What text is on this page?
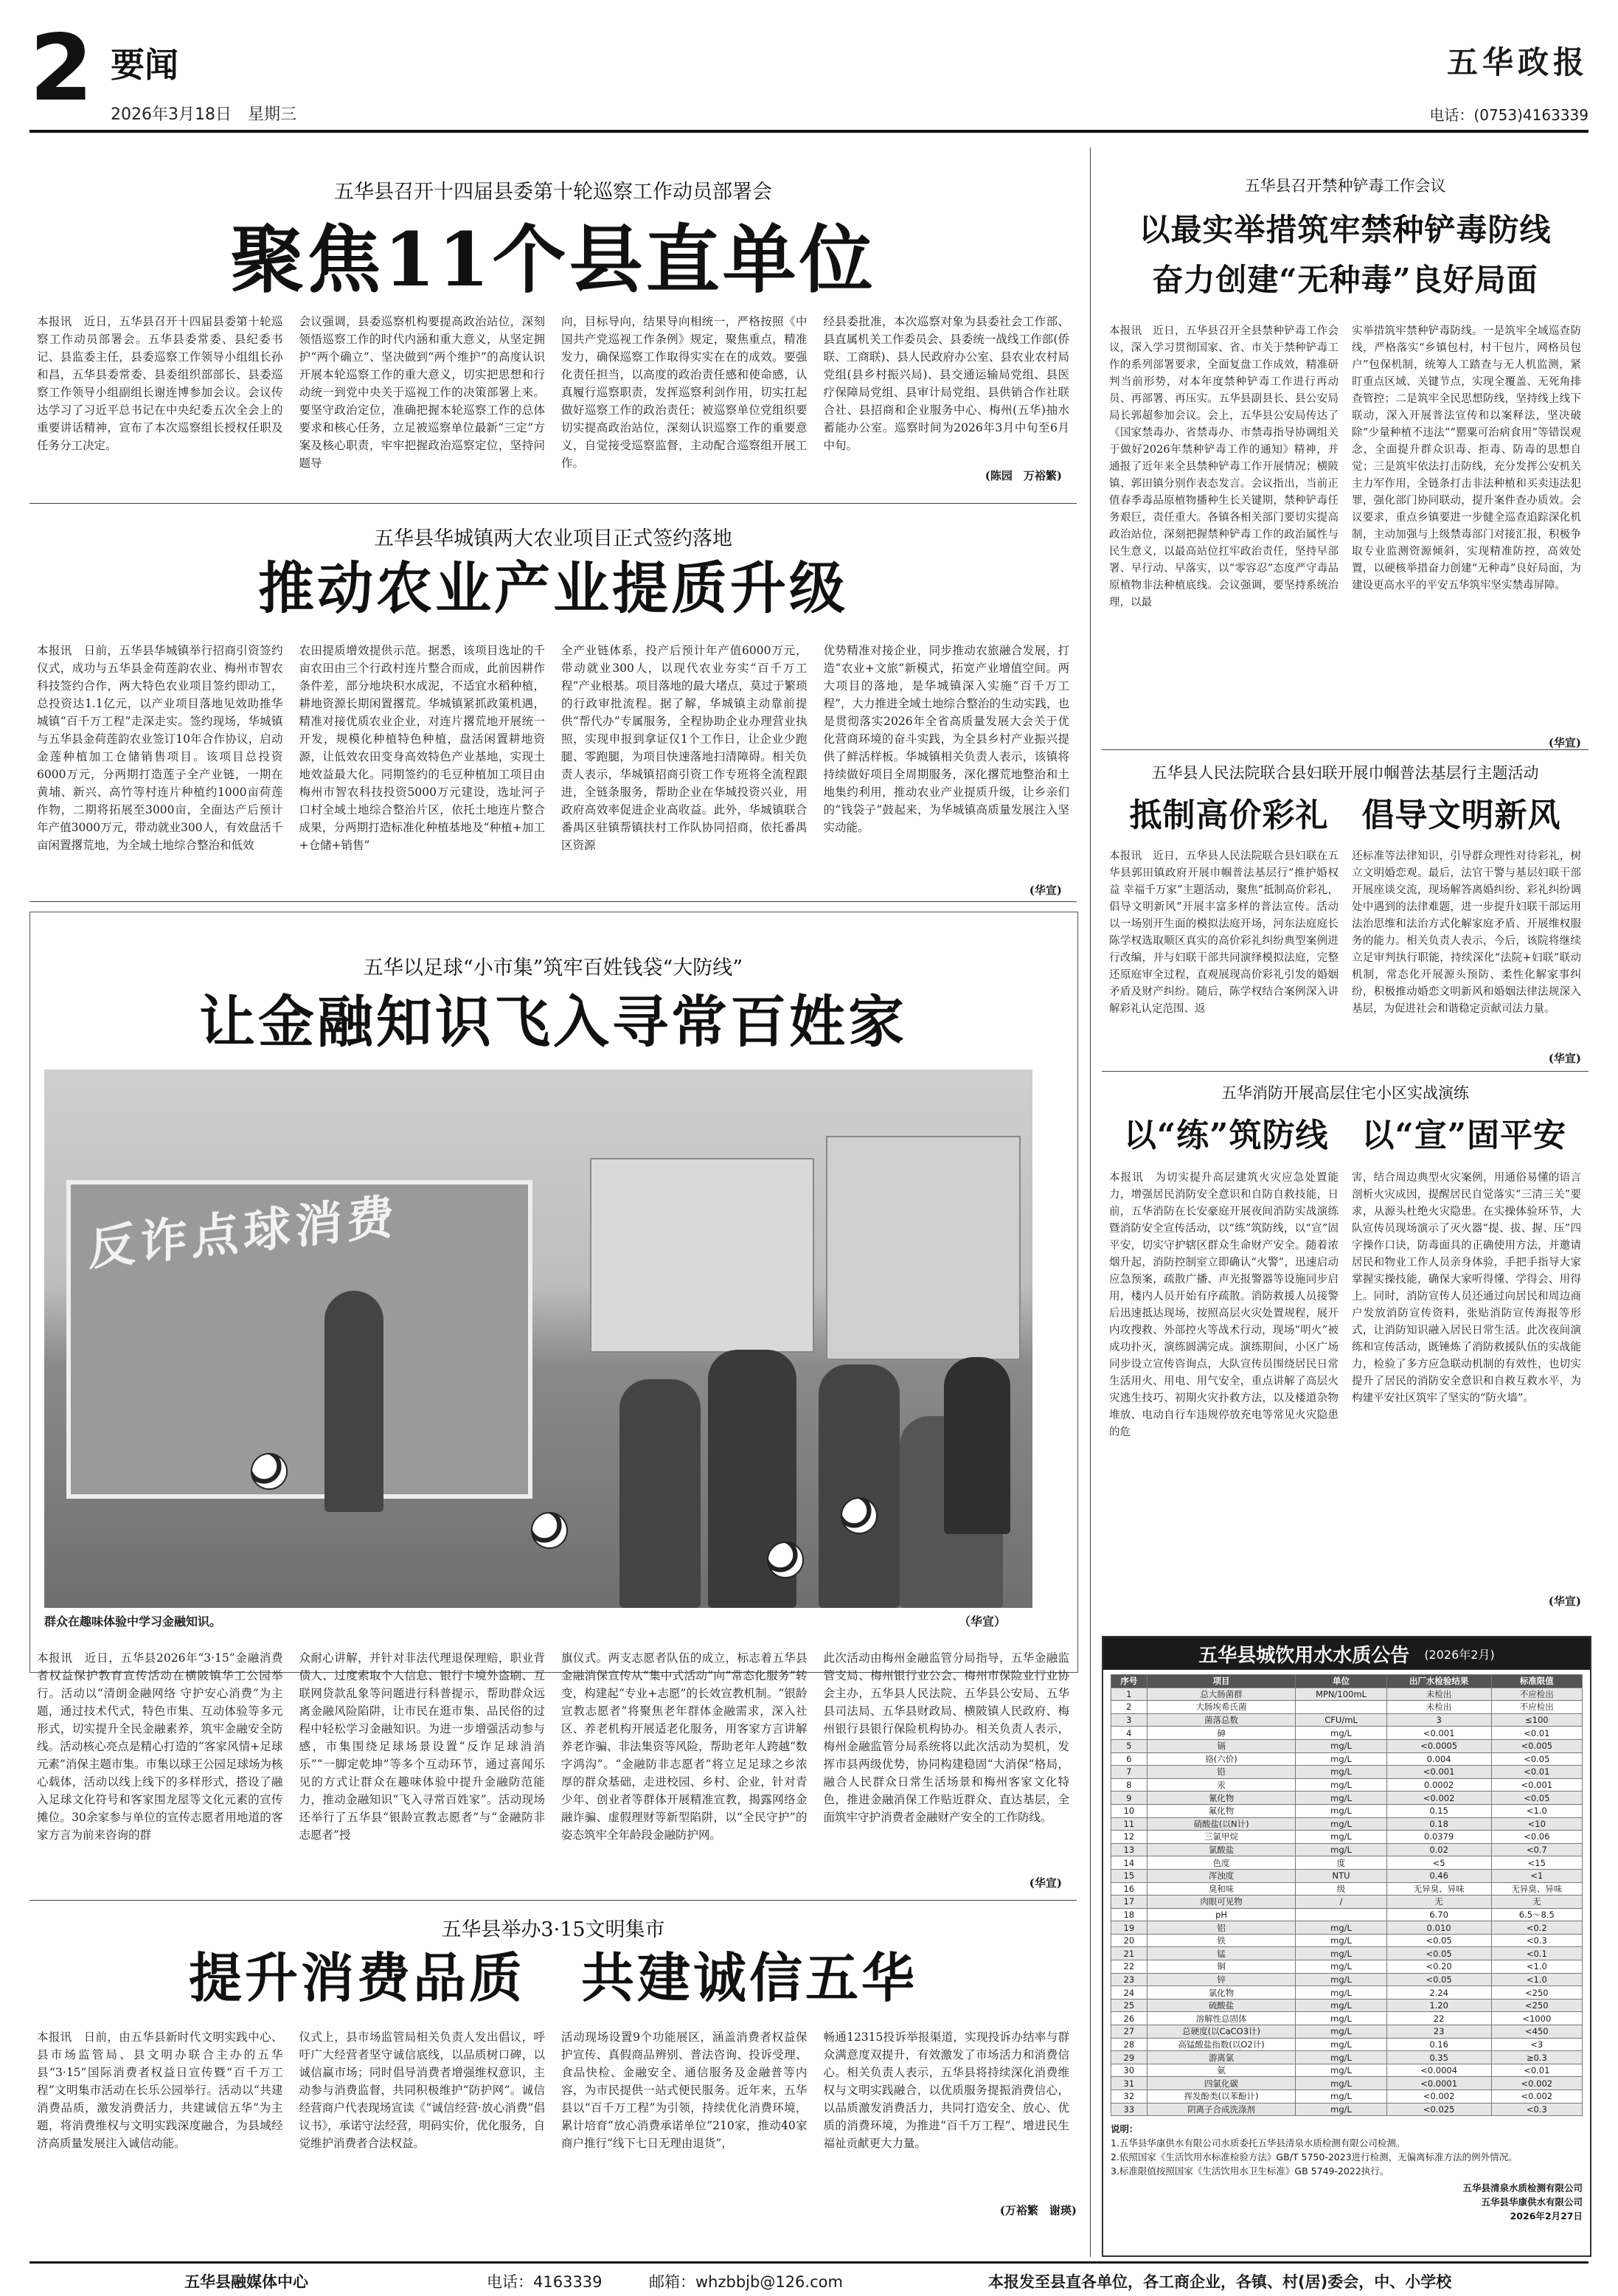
2 要闻
2026年3月18日　星期三
五华政报
电话：(0753)4163339
五华县召开十四届县委第十轮巡察工作动员部署会
聚焦11个县直单位
本报讯　近日，五华县召开十四届县委第十轮巡察工作动员部署会。五华县委常委、县纪委书记、县监委主任，县委巡察工作领导小组组长孙和昌，五华县委常委、县委组织部部长、县委巡察工作领导小组副组长谢连博参加会议。会议传达学习了习近平总书记在中央纪委五次全会上的重要讲话精神，宣布了本次巡察组长授权任职及任务分工决定。
会议强调，县委巡察机构要提高政治站位，深刻领悟巡察工作的时代内涵和重大意义，从坚定拥护“两个确立”、坚决做到“两个维护”的高度认识开展本轮巡察工作的重大意义，切实把思想和行动统一到党中央关于巡视工作的决策部署上来。要坚守政治定位，准确把握本轮巡察工作的总体要求和核心任务，立足被巡察单位最新“三定”方案及核心职责，牢牢把握政治巡察定位，坚持问题导
向，目标导向，结果导向相统一，严格按照《中国共产党巡视工作条例》规定，聚焦重点，精准发力，确保巡察工作取得实实在在的成效。要强化责任担当，以高度的政治责任感和使命感，认真履行巡察职责，发挥巡察利剑作用，切实扛起做好巡察工作的政治责任；被巡察单位党组织要切实提高政治站位，深刻认识巡察工作的重要意义，自觉接受巡察监督，主动配合巡察组开展工作。
经县委批准，本次巡察对象为县委社会工作部、县直属机关工作委员会、县委统一战线工作部(侨联、工商联)、县人民政府办公室、县农业农村局党组(县乡村振兴局)、县交通运输局党组、县医疗保障局党组、县审计局党组、县供销合作社联合社、县招商和企业服务中心、梅州(五华)抽水蓄能办公室。巡察时间为2026年3月中旬至6月中旬。
(陈园　万裕繁)
五华县华城镇两大农业项目正式签约落地
推动农业产业提质升级
本报讯　日前，五华县华城镇举行招商引资签约仪式，成功与五华县金荷莲韵农业、梅州市智农科技签约合作，两大特色农业项目签约即动工，总投资达1.1亿元，以产业项目落地见效助推华城镇“百千万工程”走深走实。签约现场，华城镇与五华县金荷莲韵农业签订10年合作协议，启动金莲种植加工仓储销售项目。该项目总投资6000万元，分两期打造莲子全产业链，一期在黄埔、新兴、高竹等村连片种植约1000亩荷莲作物，二期将拓展至3000亩，全面达产后预计年产值3000万元，带动就业300人，有效盘活千亩闲置撂荒地，为全域土地综合整治和低效
农田提质增效提供示范。据悉，该项目选址的千亩农田由三个行政村连片整合而成，此前因耕作条件差，部分地块积水成泥，不适宜水稻种植，耕地资源长期闲置撂荒。华城镇紧抓政策机遇，精准对接优质农业企业，对连片撂荒地开展统一开发，规模化种植特色种植，盘活闲置耕地资源，让低效农田变身高效特色产业基地，实现土地效益最大化。同期签约的毛豆种植加工项目由梅州市智农科技投资5000万元建设，选址河子口村全域土地综合整治片区，依托土地连片整合成果，分两期打造标准化种植基地及“种植+加工+仓储+销售”
全产业链体系，投产后预计年产值6000万元，带动就业300人，以现代农业夯实“百千万工程”产业根基。项目落地的最大堵点，莫过于繁琐的行政审批流程。据了解，华城镇主动靠前提供“帮代办”专属服务，全程协助企业办理营业执照，实现申报到拿证仅1个工作日，让企业少跑腿、零跑腿，为项目快速落地扫清障碍。相关负责人表示，华城镇招商引资工作专班将全流程跟进，全链条服务，帮助企业在华城投资兴业，用政府高效率促进企业高收益。此外，华城镇联合番禺区驻镇帮镇扶村工作队协同招商，依托番禺区资源
优势精准对接企业，同步推动农旅融合发展，打造“农业+文旅”新模式，拓宽产业增值空间。两大项目的落地，是华城镇深入实施“百千万工程”，大力推进全域土地综合整治的生动实践，也是贯彻落实2026年全省高质量发展大会关于优化营商环境的奋斗实践，为全县乡村产业振兴提供了鲜活样板。华城镇相关负责人表示，该镇将持续做好项目全周期服务，深化撂荒地整治和土地集约利用，推动农业产业提质升级，让乡亲们的“钱袋子”鼓起来，为华城镇高质量发展注入坚实动能。
(华宣)
五华以足球“小市集”筑牢百姓钱袋“大防线”
让金融知识飞入寻常百姓家
反诈点球消费
群众在趣味体验中学习金融知识。	（华宣）
本报讯　近日，五华县2026年“3·15”金融消费者权益保护教育宣传活动在横陂镇华工公园举行。活动以“清朗金融网络 守护安心消费”为主题，通过技术代式，特色市集、互动体验等多元形式，切实提升全民金融素养，筑牢金融安全防线。活动核心亮点是精心打造的“客家风情+足球元素”消保主题市集。市集以球王公园足球场为核心载体，活动以线上线下的多样形式，搭设了融入足球文化符号和客家围龙屋等文化元素的宣传摊位。30余家参与单位的宣传志愿者用地道的客家方言为前来咨询的群
众耐心讲解，并针对非法代理退保理赔，职业背债人、过度索取个人信息、银行卡境外盗刷、互联网贷款乱象等问题进行科普提示，帮助群众远离金融风险陷阱，让市民在逛市集、品民俗的过程中轻松学习金融知识。为进一步增强活动参与感，市集围绕足球场景设置“反诈足球消消乐”“一脚定乾坤”等多个互动环节，通过喜闻乐见的方式让群众在趣味体验中提升金融防范能力，推动金融知识“飞入寻常百姓家”。活动现场还举行了五华县“银龄宣教志愿者”与“金融防非志愿者”授
旗仪式。两支志愿者队伍的成立，标志着五华县金融消保宣传从“集中式活动”向“常态化服务”转变，构建起“专业+志愿”的长效宣教机制。“银龄宣教志愿者”将聚焦老年群体金融需求，深入社区、养老机构开展适老化服务，用客家方言讲解养老诈骗、非法集资等风险，帮助老年人跨越“数字鸿沟”。“金融防非志愿者”将立足足球之乡浓厚的群众基础，走进校园、乡村、企业，针对青少年、创业者等群体开展精准宣教，揭露网络金融诈骗、虚假理财等新型陷阱，以“全民守护”的姿态筑牢全年龄段金融防护网。
此次活动由梅州金融监管分局指导，五华金融监管支局、梅州银行业公会、梅州市保险业行业协会主办，五华县人民法院、五华县公安局、五华县司法局、五华县财政局、横陂镇人民政府、梅州银行县银行保险机构协办。相关负责人表示，梅州金融监管分局系统将以此次活动为契机，发挥市县两级优势，协同构建稳固“大消保”格局，融合人民群众日常生活场景和梅州客家文化特色，推进金融消保工作贴近群众、直达基层，全面筑牢守护消费者金融财产安全的工作防线。
(华宣)
五华县举办3·15文明集市
提升消费品质　共建诚信五华
本报讯　日前，由五华县新时代文明实践中心、县市场监管局、县文明办联合主办的五华县“3·15”国际消费者权益日宣传暨“百千万工程”文明集市活动在长乐公园举行。活动以“共建消费品质，激发消费活力，共建诚信五华”为主题，将消费维权与文明实践深度融合，为县域经济高质量发展注入诚信动能。
仪式上，县市场监管局相关负责人发出倡议，呼吁广大经营者坚守诚信底线，以品质树口碑，以诚信赢市场；同时倡导消费者增强维权意识，主动参与消费监督，共同积极维护“防护网”。诚信经营商户代表现场宣读《“诚信经营·放心消费”倡议书》，承诺守法经营，明码实价，优化服务，自觉维护消费者合法权益。
活动现场设置9个功能展区，涵盖消费者权益保护宣传、真假商品辨别、普法咨询、投诉受理、食品快检、金融安全、通信服务及金融普等内容，为市民提供一站式便民服务。近年来，五华县以“百千万工程”为引领，持续优化消费环境，累计培育“放心消费承诺单位”210家，推动40家商户推行“线下七日无理由退货”，
畅通12315投诉举报渠道，实现投诉办结率与群众满意度双提升，有效激发了市场活力和消费信心。相关负责人表示，五华县将持续深化消费维权与文明实践融合，以优质服务提振消费信心，以品质激发消费活力，共同打造安全、放心、优质的消费环境，为推进“百千万工程”、增进民生福祉贡献更大力量。
(万裕繁　谢瑛)
五华县召开禁种铲毒工作会议
以最实举措筑牢禁种铲毒防线
奋力创建“无种毒”良好局面
本报讯　近日，五华县召开全县禁种铲毒工作会议，深入学习贯彻国家、省、市关于禁种铲毒工作的系列部署要求，全面复盘工作成效，精准研判当前形势，对本年度禁种铲毒工作进行再动员、再部署、再压实。五华县副县长、县公安局局长郭超参加会议。会上，五华县公安局传达了《国家禁毒办、省禁毒办、市禁毒指导协调组关于做好2026年禁种铲毒工作的通知》精神，并通报了近年来全县禁种铲毒工作开展情况；横陂镇、郭田镇分别作表态发言。会议指出，当前正值春季毒品原植物播种生长关键期，禁种铲毒任务艰巨，责任重大。各镇各相关部门要切实提高政治站位，深刻把握禁种铲毒工作的政治属性与民生意义，以最高站位扛牢政治责任，坚持早部署、早行动、早落实，以“零容忍”态度严守毒品原植物非法种植底线。会议强调，要坚持系统治理，以最
实举措筑牢禁种铲毒防线。一是筑牢全域巡查防线，严格落实“乡镇包村，村干包片，网格员包户”包保机制，统筹人工踏查与无人机监测，紧盯重点区域、关键节点，实现全覆盖、无死角排查管控；二是筑牢全民思想防线，坚持线上线下联动，深入开展普法宣传和以案释法，坚决破除“少量种植不违法”“罂粟可治病食用”等错误观念，全面提升群众识毒、拒毒、防毒的思想自觉；三是筑牢依法打击防线，充分发挥公安机关主力军作用，全链条打击非法种植和买卖违法犯罪，强化部门协同联动，提升案件查办质效。会议要求，重点乡镇要进一步健全巡查追踪深化机制，主动加强与上级禁毒部门对接汇报，积极争取专业监测资源倾斜，实现精准防控，高效处置，以硬核举措奋力创建“无种毒”良好局面，为建设更高水平的平安五华筑牢坚实禁毒屏障。
(华宣)
五华县人民法院联合县妇联开展巾帼普法基层行主题活动
抵制高价彩礼　倡导文明新风
本报讯　近日，五华县人民法院联合县妇联在五华县郭田镇政府开展巾帼普法基层行“推护婚权益 幸福千万家”主题活动，聚焦“抵制高价彩礼，倡导文明新风”开展丰富多样的普法宣传。活动以一场别开生面的模拟法庭开场，河东法庭庭长陈学权选取顺区真实的高价彩礼纠纷典型案例进行改编，并与妇联干部共同演绎模拟法庭，完整还原庭审全过程，直观展现高价彩礼引发的婚姻矛盾及财产纠纷。随后，陈学权结合案例深入讲解彩礼认定范围、返
还标准等法律知识，引导群众理性对待彩礼，树立文明婚恋观。最后，法官干警与基层妇联干部开展座谈交流，现场解答离婚纠纷、彩礼纠纷调处中遇到的法律难题，进一步提升妇联干部运用法治思维和法治方式化解家庭矛盾、开展维权服务的能力。相关负责人表示，今后，该院将继续立足审判执行职能，持续深化“法院+妇联”联动机制，常态化开展源头预防、柔性化解家事纠纷，积极推动婚恋文明新风和婚姻法律法规深入基层，为促进社会和谐稳定贡献司法力量。
(华宣)
五华消防开展高层住宅小区实战演练
以“练”筑防线　以“宣”固平安
本报讯　为切实提升高层建筑火灾应急处置能力，增强居民消防安全意识和自防自救技能，日前，五华消防在长安豪庭开展夜间消防实战演练暨消防安全宣传活动，以“练”筑防线，以“宣”固平安，切实守护辖区群众生命财产安全。随着浓烟升起，消防控制室立即确认“火警”，迅速启动应急预案，疏散广播、声光报警器等设施同步启用，楼内人员开始有序疏散。消防救援人员接警后迅速抵达现场，按照高层火灾处置规程，展开内攻搜救、外部控火等战术行动，现场“明火”被成功扑灭，演练圆满完成。演练期间，小区广场同步设立宣传咨询点，大队宣传员围绕居民日常生活用火、用电、用气安全，重点讲解了高层火灾逃生技巧、初期火灾扑救方法，以及楼道杂物堆放、电动自行车违规停放充电等常见火灾隐患的危
害，结合周边典型火灾案例，用通俗易懂的语言剖析火灾成因，提醒居民自觉落实“三清三关”要求，从源头杜绝火灾隐患。在实操体验环节，大队宣传员现场演示了灭火器“提、拔、握、压”四字操作口诀，防毒面具的正确使用方法，并邀请居民和物业工作人员亲身体验，手把手指导大家掌握实操技能，确保大家听得懂、学得会、用得上。同时，消防宣传人员还通过向居民和周边商户发放消防宣传资料，张贴消防宣传海报等形式，让消防知识融入居民日常生活。此次夜间演练和宣传活动，既锤炼了消防救援队伍的实战能力，检验了多方应急联动机制的有效性，也切实提升了居民的消防安全意识和自救互救水平，为构建平安社区筑牢了坚实的“防火墙”。
(华宣)
五华县城饮用水水质公告 (2026年2月)
序号	项目	单位	出厂水检验结果	标准限值
1	总大肠菌群	MPN/100mL	未检出	不应检出
2	大肠埃希氏菌		未检出	不应检出
3	菌落总数	CFU/mL	3	≤100
4	砷	mg/L	<0.001	<0.01
5	镉	mg/L	<0.0005	<0.005
6	铬(六价)	mg/L	0.004	<0.05
7	铅	mg/L	<0.001	<0.01
8	汞	mg/L	0.0002	<0.001
9	氰化物	mg/L	<0.002	<0.05
10	氟化物	mg/L	0.15	<1.0
11	硝酸盐(以N计)	mg/L	0.18	<10
12	三氯甲烷	mg/L	0.0379	<0.06
13	氯酸盐	mg/L	0.02	<0.7
14	色度	度	<5	<15
15	浑浊度	NTU	0.46	<1
16	臭和味	级	无异臭、异味	无异臭、异味
17	肉眼可见物	/	无	无
18	pH		6.70	6.5～8.5
19	铝	mg/L	0.010	<0.2
20	铁	mg/L	<0.05	<0.3
21	锰	mg/L	<0.05	<0.1
22	铜	mg/L	<0.20	<1.0
23	锌	mg/L	<0.05	<1.0
24	氯化物	mg/L	2.24	<250
25	硫酸盐	mg/L	1.20	<250
26	溶解性总固体	mg/L	22	<1000
27	总硬度(以CaCO3计)	mg/L	23	<450
28	高锰酸盐指数(以O2计)	mg/L	0.16	<3
29	游离氯	mg/L	0.35	≥0.3
30	氨	mg/L	<0.0004	<0.01
31	四氯化碳	mg/L	<0.0001	<0.002
32	挥发酚类(以苯酚计)	mg/L	<0.002	<0.002
33	阴离子合成洗涤剂	mg/L	<0.025	<0.3
说明：
1.五华县华康供水有限公司水质委托五华县清泉水质检测有限公司检测。
2.依照国家《生活饮用水标准检验方法》GB/T 5750-2023进行检测，无偏离标准方法的例外情况。
3.标准限值按照国家《生活饮用水卫生标准》GB 5749-2022执行。
五华县清泉水质检测有限公司
五华县华康供水有限公司
2026年2月27日
五华县融媒体中心	电话：4163339	邮箱：whzbbjb@126.com	本报发至县直各单位，各工商企业，各镇、村(居)委会，中、小学校
